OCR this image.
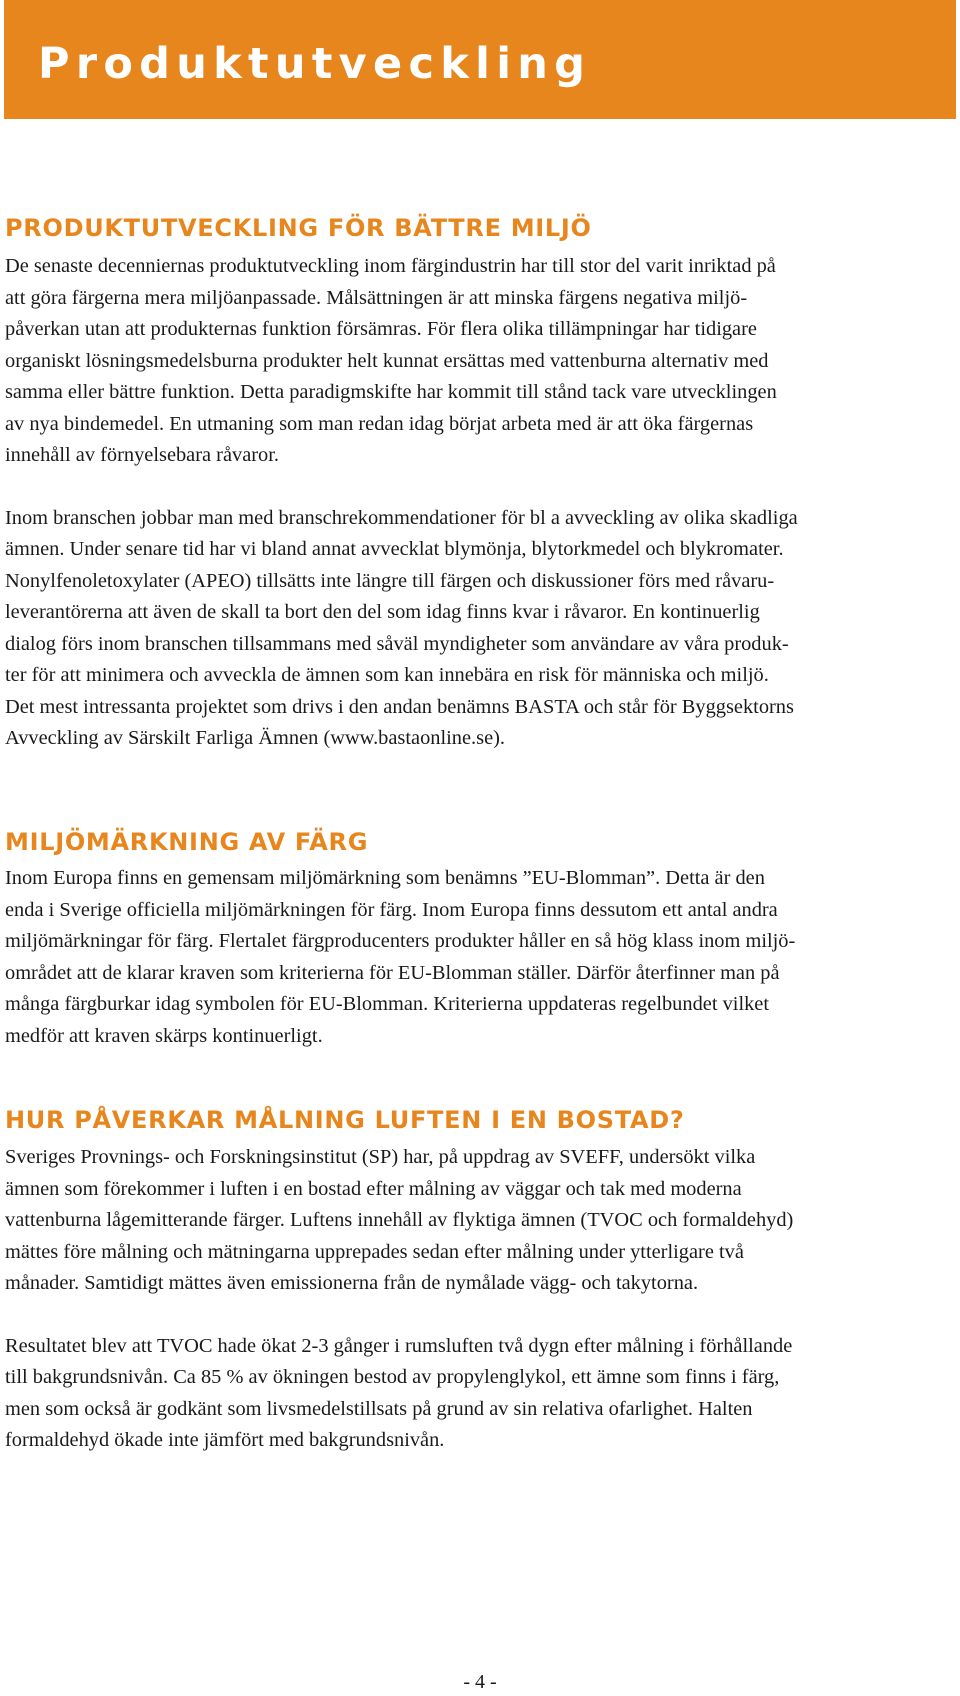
Produktutveckling
PRODUKTUTVECKLING FÖR BÄTTRE MILJÖ

De senaste decenniernas produktutveckling inom färgindustrin har till stor del varit inriktad på
att göra färgerna mera miljöanpassade. Målsättningen är att minska färgens negativa miljö-
påverkan utan att produkternas funktion försämras. För flera olika tillämpningar har tidigare
organiskt lösningsmedelsburna produkter helt kunnat ersättas med vattenburna alternativ med
samma eller bättre funktion. Detta paradigmskifte har kommit till stånd tack vare utvecklingen
av nya bindemedel. En utmaning som man redan idag börjat arbeta med är att öka färgernas
innehåll av förnyelsebara råvaror.

Inom branschen jobbar man med branschrekommendationer för bl a avveckling av olika skadliga
ämnen. Under senare tid har vi bland annat avvecklat blymönja, blytorkmedel och blykromater.
Nonylfenoletoxylater (APEO) tillsätts inte längre till färgen och diskussioner förs med råvaru-
leverantörerna att även de skall ta bort den del som idag finns kvar i råvaror. En kontinuerlig
dialog förs inom branschen tillsammans med såväl myndigheter som användare av våra produk-
ter för att minimera och avveckla de ämnen som kan innebära en risk för människa och miljö.
Det mest intressanta projektet som drivs i den andan benämns BASTA och står för Byggsektorns
Avveckling av Särskilt Farliga Ämnen (www.bastaonline.se).

MILJÖMÄRKNING AV FÄRG

Inom Europa finns en gemensam miljömärkning som benämns ”EU-Blomman”. Detta är den
enda i Sverige officiella miljömärkningen för färg. Inom Europa finns dessutom ett antal andra
miljömärkningar för färg. Flertalet färgproducenters produkter håller en så hög klass inom miljö-
området att de klarar kraven som kriterierna för EU-Blomman ställer. Därför återfinner man på
många färgburkar idag symbolen för EU-Blomman. Kriterierna uppdateras regelbundet vilket
medför att kraven skärps kontinuerligt.

HUR PÅVERKAR MÅLNING LUFTEN I EN BOSTAD?

Sveriges Provnings- och Forskningsinstitut (SP) har, på uppdrag av SVEFF, undersökt vilka
ämnen som förekommer i luften i en bostad efter målning av väggar och tak med moderna
vattenburna lågemitterande färger. Luftens innehåll av flyktiga ämnen (TVOC och formaldehyd)
mättes före målning och mätningarna upprepades sedan efter målning under ytterligare två
månader. Samtidigt mättes även emissionerna från de nymålade vägg- och takytorna.

Resultatet blev att TVOC hade ökat 2-3 gånger i rumsluften två dygn efter målning i förhållande
till bakgrundsnivån. Ca 85 % av ökningen bestod av propylenglykol, ett ämne som finns i färg,
men som också är godkänt som livsmedelstillsats på grund av sin relativa ofarlighet. Halten
formaldehyd ökade inte jämfört med bakgrundsnivån.

- 4 -
